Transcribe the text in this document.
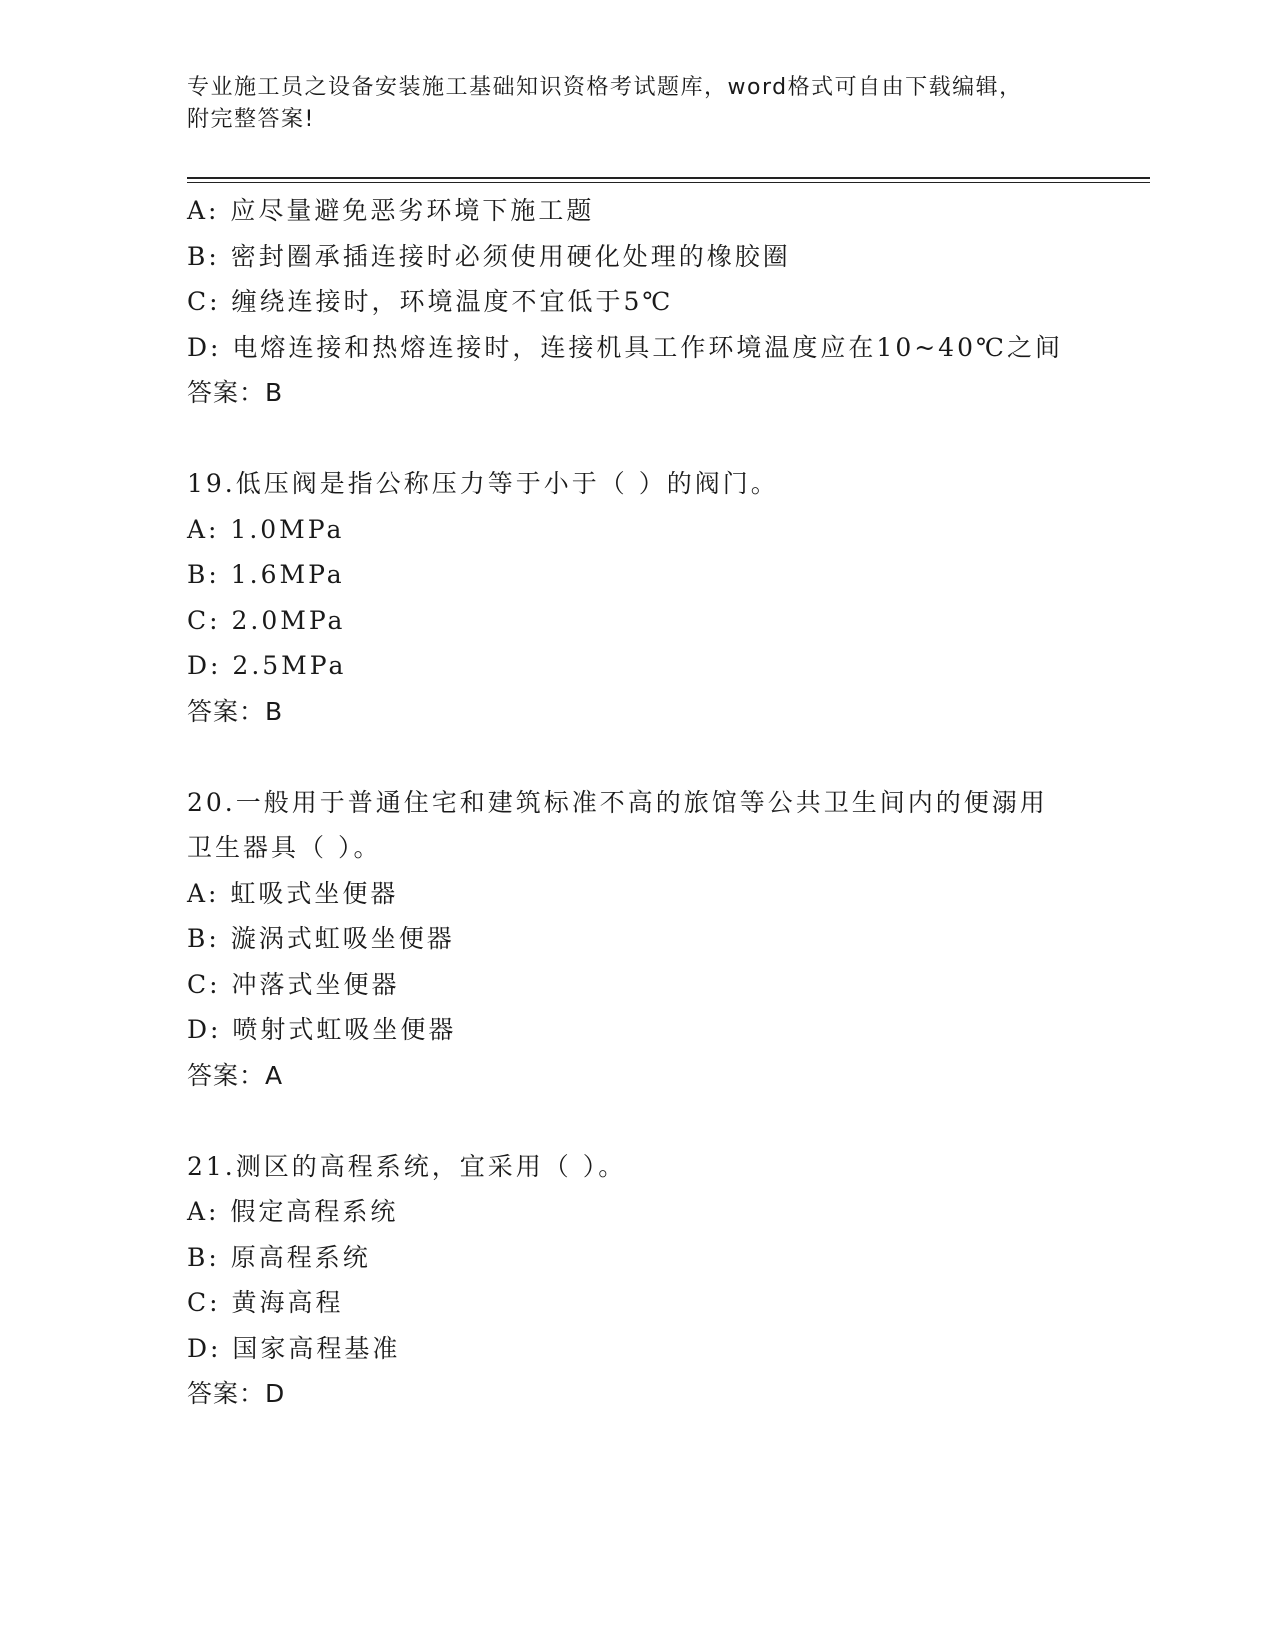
专业施工员之设备安装施工基础知识资格考试题库，word格式可自由下载编辑，
附完整答案!
A: 应尽量避免恶劣环境下施工题
B: 密封圈承插连接时必须使用硬化处理的橡胶圈
C: 缠绕连接时，环境温度不宜低于5℃
D: 电熔连接和热熔连接时，连接机具工作环境温度应在10~40℃之间
答案：B
19.低压阀是指公称压力等于小于（ ）的阀门。
A: 1.0MPa
B: 1.6MPa
C: 2.0MPa
D: 2.5MPa
答案：B
20.一般用于普通住宅和建筑标准不高的旅馆等公共卫生间内的便溺用
卫生器具（ ）。
A: 虹吸式坐便器
B: 漩涡式虹吸坐便器
C: 冲落式坐便器
D: 喷射式虹吸坐便器
答案：A
21.测区的高程系统，宜采用（ ）。
A: 假定高程系统
B: 原高程系统
C: 黄海高程
D: 国家高程基准
答案：D
